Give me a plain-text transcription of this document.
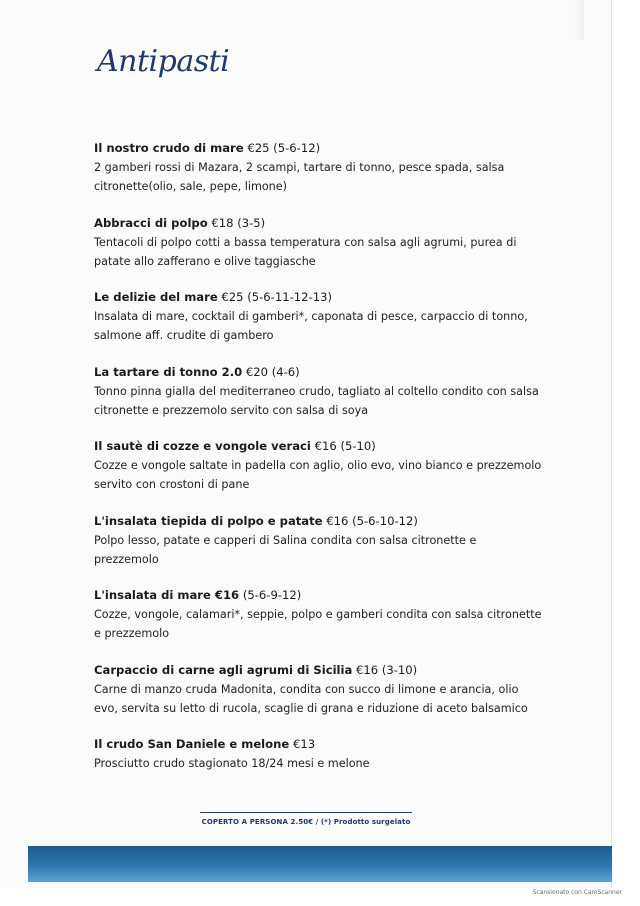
Antipasti
Il nostro crudo di mare €25 (5-6-12)
2 gamberi rossi di Mazara, 2 scampi, tartare di tonno, pesce spada, salsa citronette(olio, sale, pepe, limone)
Abbracci di polpo €18 (3-5)
Tentacoli di polpo cotti a bassa temperatura con salsa agli agrumi, purea di patate allo zafferano e olive taggiasche
Le delizie del mare €25 (5-6-11-12-13)
Insalata di mare, cocktail di gamberi*, caponata di pesce, carpaccio di tonno, salmone aff. crudite di gambero
La tartare di tonno 2.0 €20 (4-6)
Tonno pinna gialla del mediterraneo crudo, tagliato al coltello condito con salsa citronette e prezzemolo servito con salsa di soya
Il sautè di cozze e vongole veraci €16 (5-10)
Cozze e vongole saltate in padella con aglio, olio evo, vino bianco e prezzemolo servito con crostoni di pane
L'insalata tiepida di polpo e patate €16 (5-6-10-12)
Polpo lesso, patate e capperi di Salina condita con salsa citronette e prezzemolo
L'insalata di mare €16 (5-6-9-12)
Cozze, vongole, calamari*, seppie, polpo e gamberi condita con salsa citronette e prezzemolo
Carpaccio di carne agli agrumi di Sicilia €16 (3-10)
Carne di manzo cruda Madonita, condita con succo di limone e arancia, olio evo, servita su letto di rucola, scaglie di grana e riduzione di aceto balsamico
Il crudo San Daniele e melone €13
Prosciutto crudo stagionato 18/24 mesi e melone
COPERTO A PERSONA 2.50€ / (*) Prodotto surgelato
Scansionato con CamScanner
